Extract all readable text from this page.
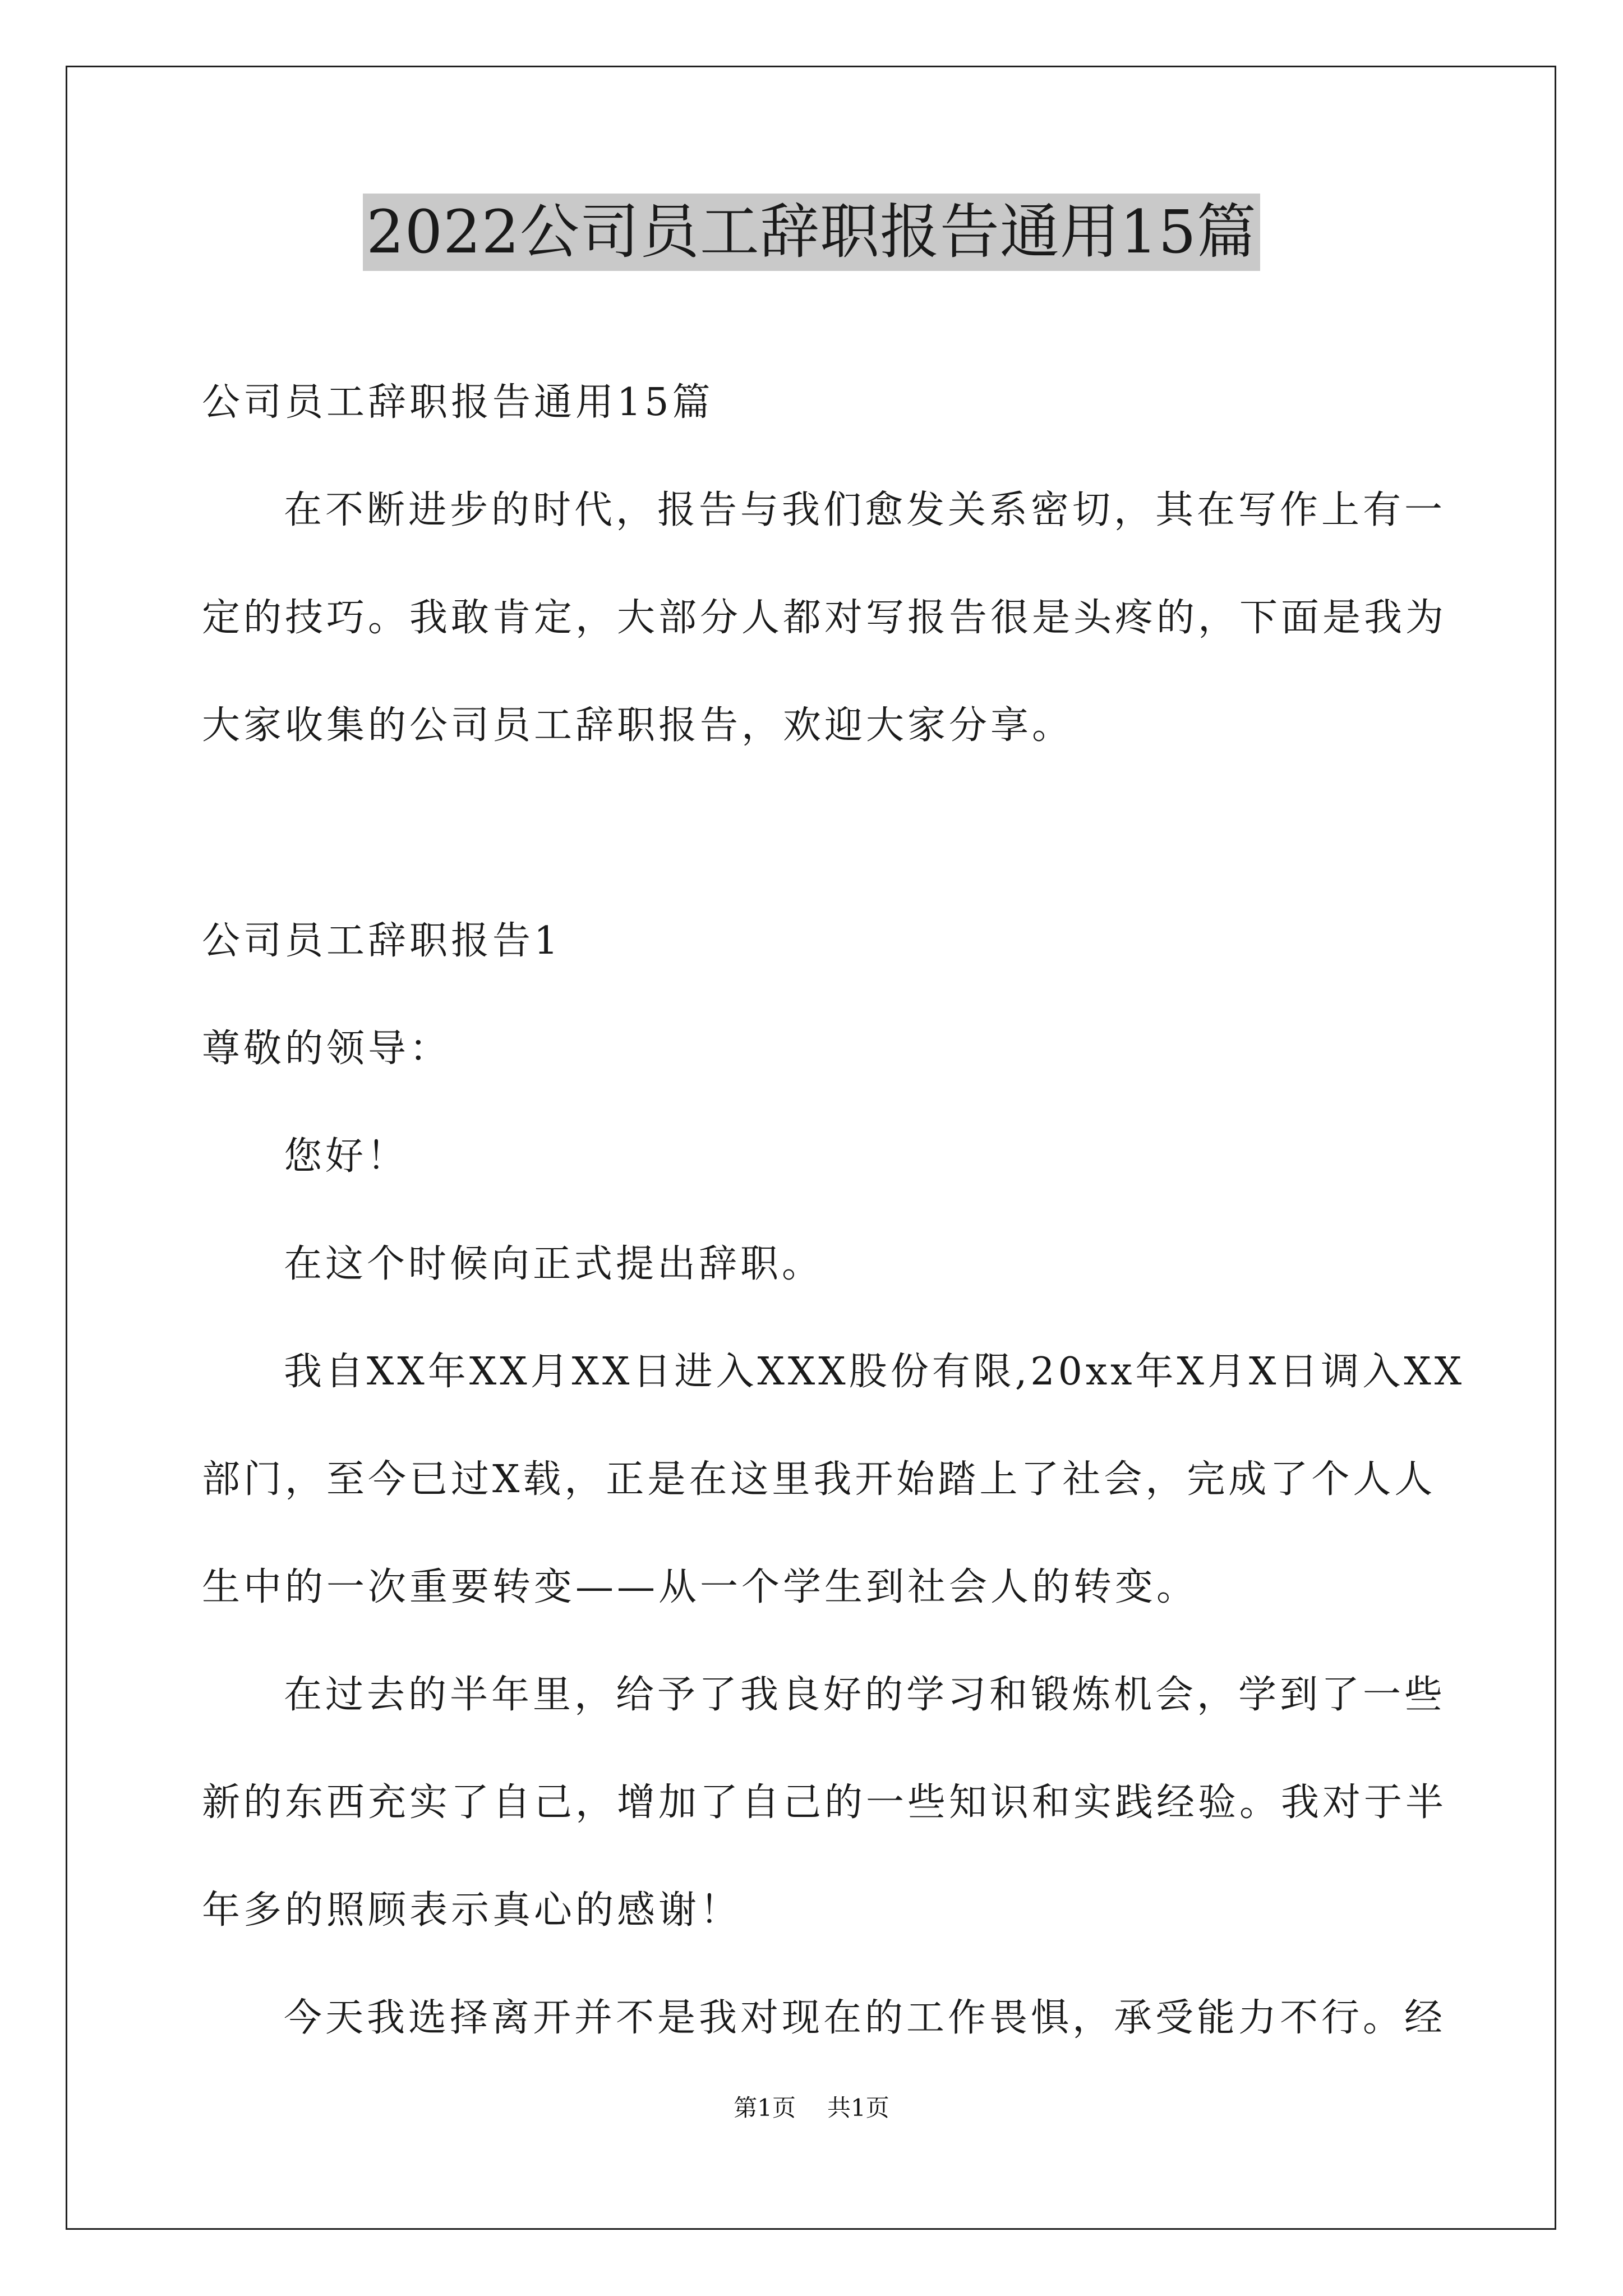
2022公司员工辞职报告通用15篇

公司员工辞职报告通用15篇

在不断进步的时代，报告与我们愈发关系密切，其在写作上有一

定的技巧。我敢肯定，大部分人都对写报告很是头疼的，下面是我为

大家收集的公司员工辞职报告，欢迎大家分享。

公司员工辞职报告1

尊敬的领导：

您好！

在这个时候向正式提出辞职。

我自XX年XX月XX日进入XXX股份有限,20xx年X月X日调入XX

部门，至今已过X载，正是在这里我开始踏上了社会，完成了个人人

生中的一次重要转变——从一个学生到社会人的转变。

在过去的半年里，给予了我良好的学习和锻炼机会，学到了一些

新的东西充实了自己，增加了自己的一些知识和实践经验。我对于半

年多的照顾表示真心的感谢！

今天我选择离开并不是我对现在的工作畏惧，承受能力不行。经

第1页 共1页
